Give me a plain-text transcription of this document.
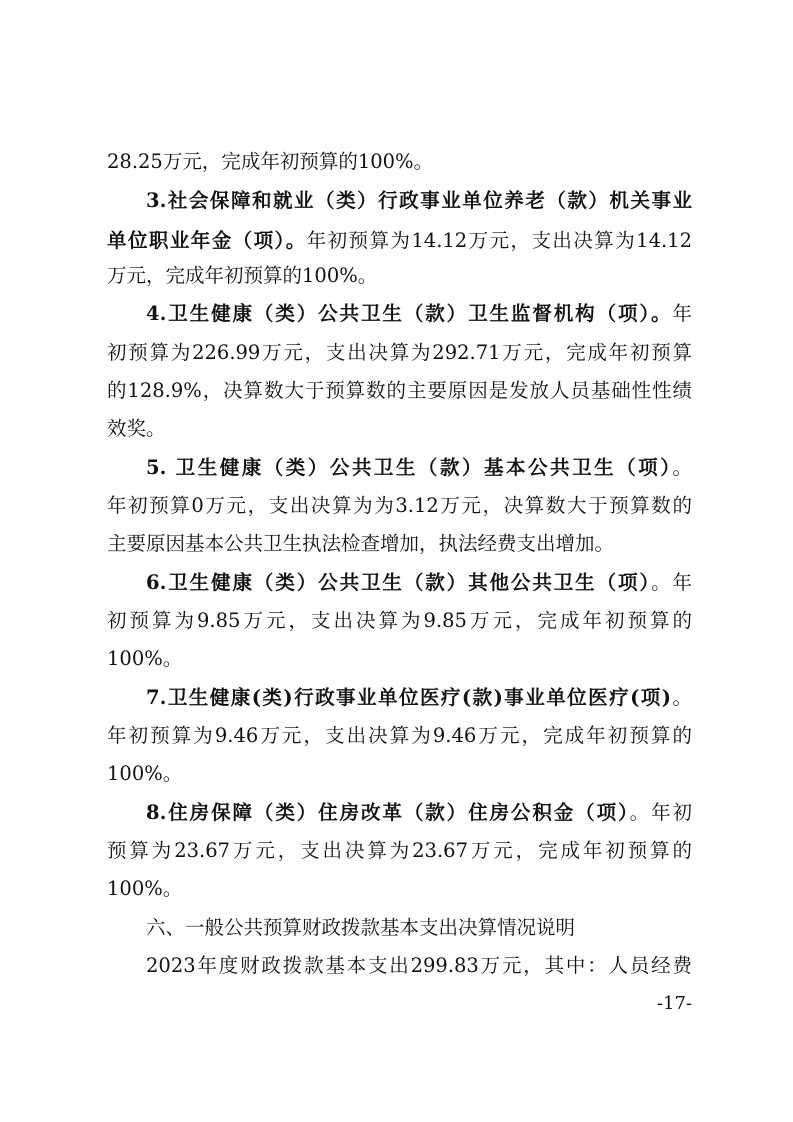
28.25万元，完成年初预算的100%。
3.社会保障和就业（类）行政事业单位养老（款）机关事业
单位职业年金（项）。年初预算为14.12万元，支出决算为14.12
万元，完成年初预算的100%。
4.卫生健康（类）公共卫生（款）卫生监督机构（项）。年
初预算为226.99万元，支出决算为292.71万元，完成年初预算
的128.9%，决算数大于预算数的主要原因是发放人员基础性性绩
效奖。
5. 卫生健康（类）公共卫生（款）基本公共卫生（项）。
年初预算0万元，支出决算为为3.12万元，决算数大于预算数的
主要原因基本公共卫生执法检查增加，执法经费支出增加。
6.卫生健康（类）公共卫生（款）其他公共卫生（项）。年
初预算为9.85万元，支出决算为9.85万元，完成年初预算的
100%。
7.卫生健康(类)行政事业单位医疗(款)事业单位医疗(项)。
年初预算为9.46万元，支出决算为9.46万元，完成年初预算的
100%。
8.住房保障（类）住房改革（款）住房公积金（项）。年初
预算为23.67万元，支出决算为23.67万元，完成年初预算的
100%。
六、一般公共预算财政拨款基本支出决算情况说明
2023年度财政拨款基本支出299.83万元，其中：人员经费
-17-
